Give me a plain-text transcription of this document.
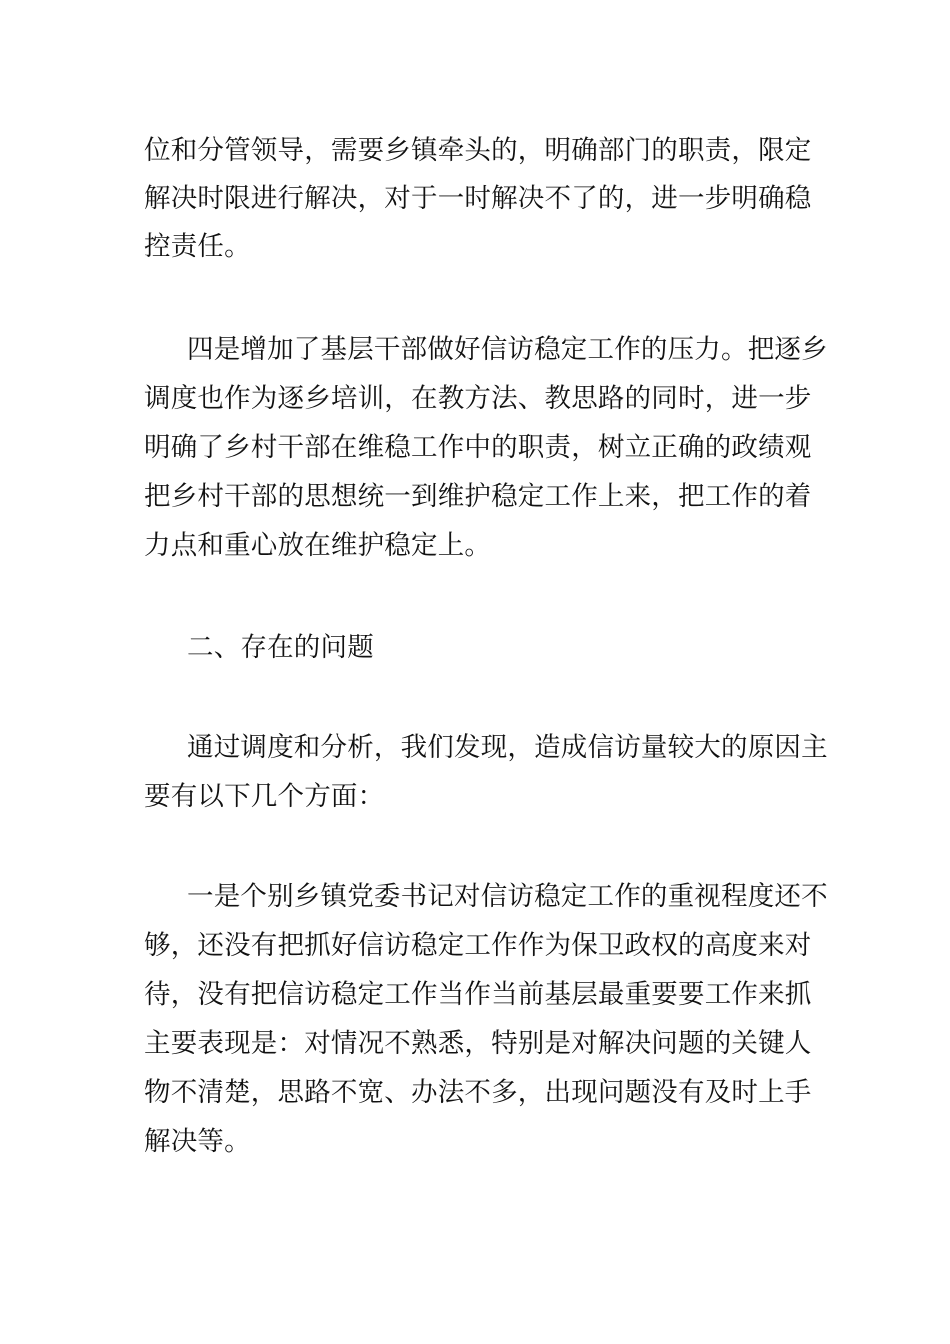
位和分管领导，需要乡镇牵头的，明确部门的职责，限定
解决时限进行解决，对于一时解决不了的，进一步明确稳
控责任。
四是增加了基层干部做好信访稳定工作的压力。把逐乡
调度也作为逐乡培训，在教方法、教思路的同时，进一步
明确了乡村干部在维稳工作中的职责，树立正确的政绩观
把乡村干部的思想统一到维护稳定工作上来，把工作的着
力点和重心放在维护稳定上。
二、存在的问题
通过调度和分析，我们发现，造成信访量较大的原因主
要有以下几个方面：
一是个别乡镇党委书记对信访稳定工作的重视程度还不
够，还没有把抓好信访稳定工作作为保卫政权的高度来对
待，没有把信访稳定工作当作当前基层最重要要工作来抓
主要表现是：对情况不熟悉，特别是对解决问题的关键人
物不清楚，思路不宽、办法不多，出现问题没有及时上手
解决等。
